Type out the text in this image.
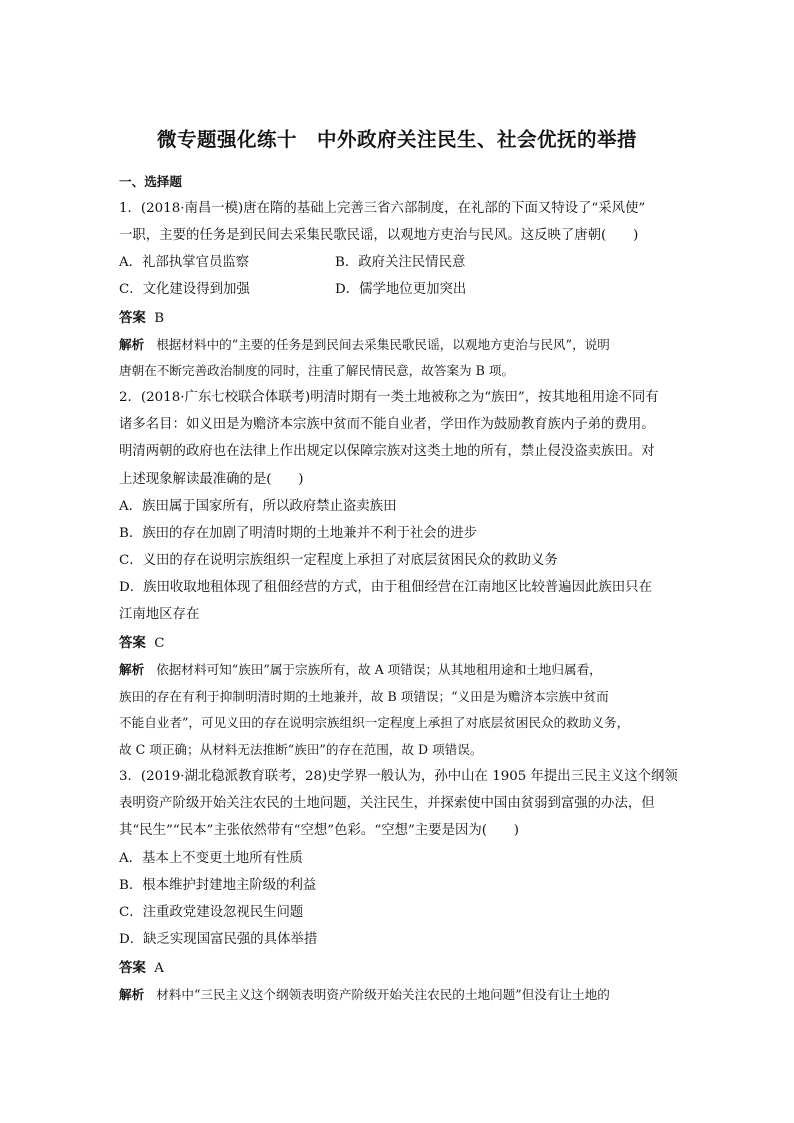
微专题强化练十　中外政府关注民生、社会优抚的举措
一、选择题
1．(2018·南昌一模)唐在隋的基础上完善三省六部制度，在礼部的下面又特设了“采风使”
一职，主要的任务是到民间去采集民歌民谣，以观地方吏治与民风。这反映了唐朝(　　)
A．礼部执掌官员监察	B．政府关注民情民意
C．文化建设得到加强	D．儒学地位更加突出
答案 B
解析 根据材料中的“主要的任务是到民间去采集民歌民谣，以观地方吏治与民风”，说明
唐朝在不断完善政治制度的同时，注重了解民情民意，故答案为 B 项。
2．(2018·广东七校联合体联考)明清时期有一类土地被称之为“族田”，按其地租用途不同有
诸多名目：如义田是为赡济本宗族中贫而不能自业者，学田作为鼓励教育族内子弟的费用。
明清两朝的政府也在法律上作出规定以保障宗族对这类土地的所有，禁止侵没盗卖族田。对
上述现象解读最准确的是(　　)
A．族田属于国家所有，所以政府禁止盗卖族田
B．族田的存在加剧了明清时期的土地兼并不利于社会的进步
C．义田的存在说明宗族组织一定程度上承担了对底层贫困民众的救助义务
D．族田收取地租体现了租佃经营的方式，由于租佃经营在江南地区比较普遍因此族田只在
江南地区存在
答案 C
解析 依据材料可知“族田”属于宗族所有，故 A 项错误；从其地租用途和土地归属看，
族田的存在有利于抑制明清时期的土地兼并，故 B 项错误；“义田是为赡济本宗族中贫而
不能自业者”，可见义田的存在说明宗族组织一定程度上承担了对底层贫困民众的救助义务，
故 C 项正确；从材料无法推断“族田”的存在范围，故 D 项错误。
3．(2019·湖北稳派教育联考，28)史学界一般认为，孙中山在 1905 年提出三民主义这个纲领
表明资产阶级开始关注农民的土地问题，关注民生，并探索使中国由贫弱到富强的办法，但
其“民生”“民本”主张依然带有“空想”色彩。“空想”主要是因为(　　)
A．基本上不变更土地所有性质
B．根本维护封建地主阶级的利益
C．注重政党建设忽视民生问题
D．缺乏实现国富民强的具体举措
答案 A
解析 材料中“三民主义这个纲领表明资产阶级开始关注农民的土地问题”但没有让土地的
